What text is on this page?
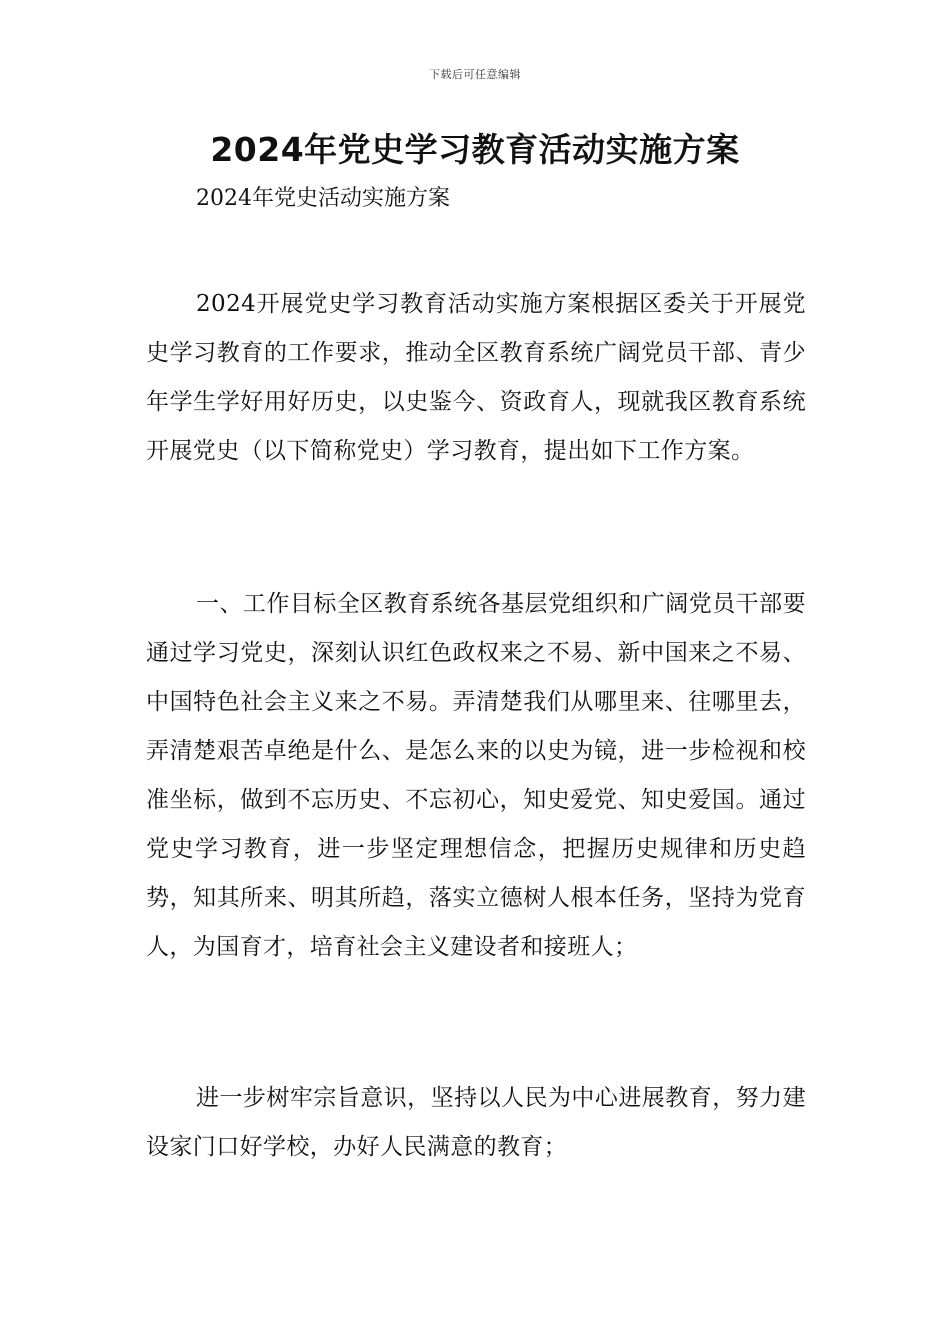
下载后可任意编辑
2024年党史学习教育活动实施方案

2024年党史活动实施方案

2024开展党史学习教育活动实施方案根据区委关于开展党史学习教育的工作要求，推动全区教育系统广阔党员干部、青少年学生学好用好历史，以史鉴今、资政育人，现就我区教育系统开展党史（以下简称党史）学习教育，提出如下工作方案。

一、工作目标全区教育系统各基层党组织和广阔党员干部要通过学习党史，深刻认识红色政权来之不易、新中国来之不易、中国特色社会主义来之不易。弄清楚我们从哪里来、往哪里去，弄清楚艰苦卓绝是什么、是怎么来的以史为镜，进一步检视和校准坐标，做到不忘历史、不忘初心，知史爱党、知史爱国。通过党史学习教育，进一步坚定理想信念，把握历史规律和历史趋势，知其所来、明其所趋，落实立德树人根本任务，坚持为党育人，为国育才，培育社会主义建设者和接班人；

进一步树牢宗旨意识，坚持以人民为中心进展教育，努力建设家门口好学校，办好人民满意的教育；
